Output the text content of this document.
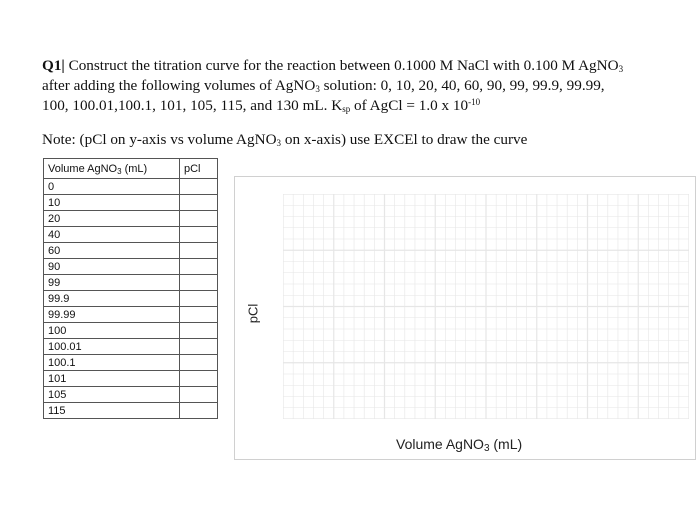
Q1| Construct the titration curve for the reaction between 0.1000 M NaCl with 0.100 M AgNO$_3$
after adding the following volumes of AgNO$_3$ solution: 0, 10, 20, 40, 60, 90, 99, 99.9, 99.99,
100, 100.01,100.1, 101, 105, 115, and 130 mL. $K_{sp}$ of AgCl = 1.0 x $10^{-10}$
Note: (pCl on y-axis vs volume AgNO$_3$ on x-axis) use EXCEl to draw the curve
Volume AgNO$_3$ (mL)	pCl
0	
10	
20	
40	
60	
90	
99	
99.9	
99.99	
100	
100.01	
100.1	
101	
105	
115	
pCl
Volume AgNO$_3$ (mL)
